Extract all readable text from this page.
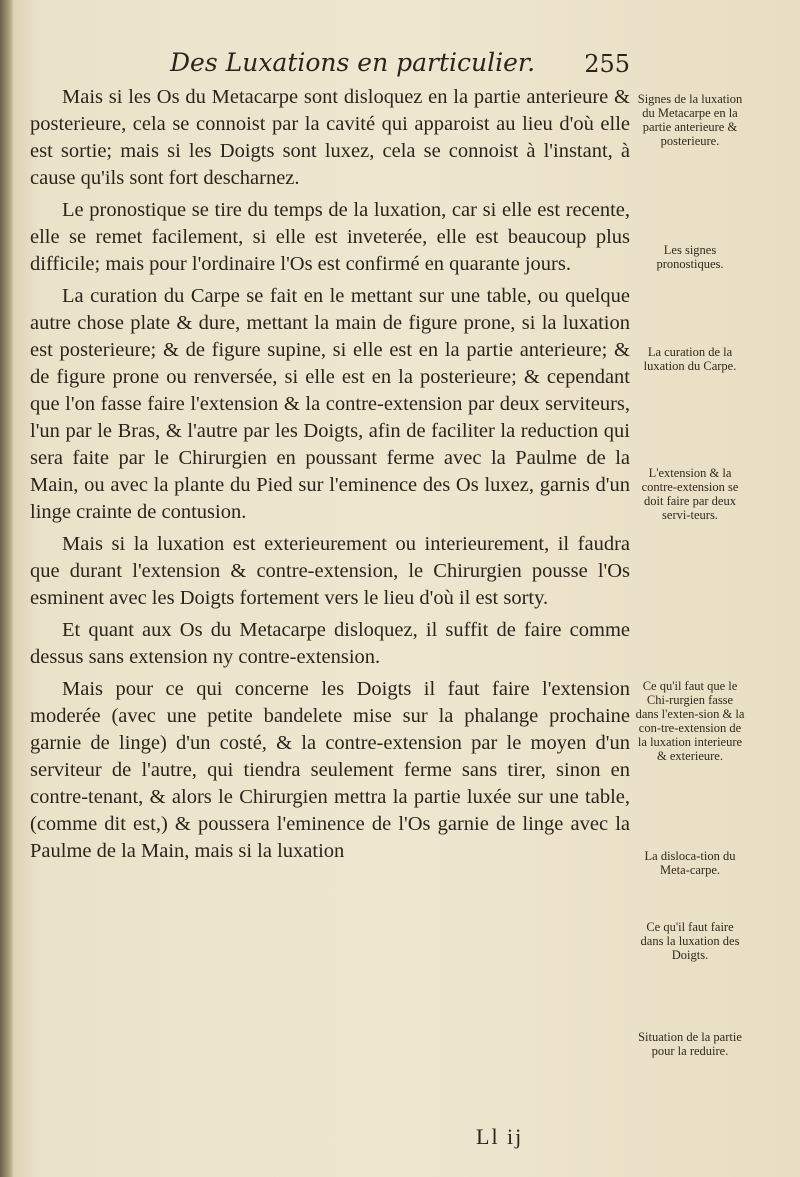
Des Luxations en particulier. 255

Mais si les Os du Metacarpe sont disloquez en la partie anterieure & posterieure, cela se connoist par la cavité qui apparoist au lieu d'où elle est sortie; mais si les Doigts sont luxez, cela se connoist à l'instant, à cause qu'ils sont fort descharnez.

Le pronostique se tire du temps de la luxation, car si elle est recente, elle se remet facilement, si elle est inveterée, elle est beaucoup plus difficile; mais pour l'ordinaire l'Os est confirmé en quarante jours.

La curation du Carpe se fait en le mettant sur une table, ou quelque autre chose plate & dure, mettant la main de figure prone, si la luxation est posterieure; & de figure supine, si elle est en la partie anterieure; & de figure prone ou renversée, si elle est en la posterieure; & cependant que l'on fasse faire l'extension & la contre-extension par deux serviteurs, l'un par le Bras, & l'autre par les Doigts, afin de faciliter la reduction qui sera faite par le Chirurgien en poussant ferme avec la Paulme de la Main, ou avec la plante du Pied sur l'eminence des Os luxez, garnis d'un linge crainte de contusion.

Mais si la luxation est exterieurement ou interieurement, il faudra que durant l'extension & contre-extension, le Chirurgien pousse l'Os esminent avec les Doigts fortement vers le lieu d'où il est sorty.

Et quant aux Os du Metacarpe disloquez, il suffit de faire comme dessus sans extension ny contre-extension.

Mais pour ce qui concerne les Doigts il faut faire l'extension moderée (avec une petite bandelete mise sur la phalange prochaine garnie de linge) d'un costé, & la contre-extension par le moyen d'un serviteur de l'autre, qui tiendra seulement ferme sans tirer, sinon en contre-tenant, & alors le Chirurgien mettra la partie luxée sur une table, (comme dit est,) & poussera l'eminence de l'Os garnie de linge avec la Paulme de la Main, mais si la luxation

Signes de la luxation du Metacarpe en la partie anterieure & posterieure.
Les signes pronostiques.
La curation de la luxation du Carpe.
L'extension & la contre-extension se doit faire par deux servi-teurs.
Ce qu'il faut que le Chi-rurgien fasse dans l'exten-sion & la con-tre-extension de la luxation interieure & exterieure.
La disloca-tion du Meta-carpe.
Ce qu'il faut faire dans la luxation des Doigts.
Situation de la partie pour la reduire.
Ll ij
